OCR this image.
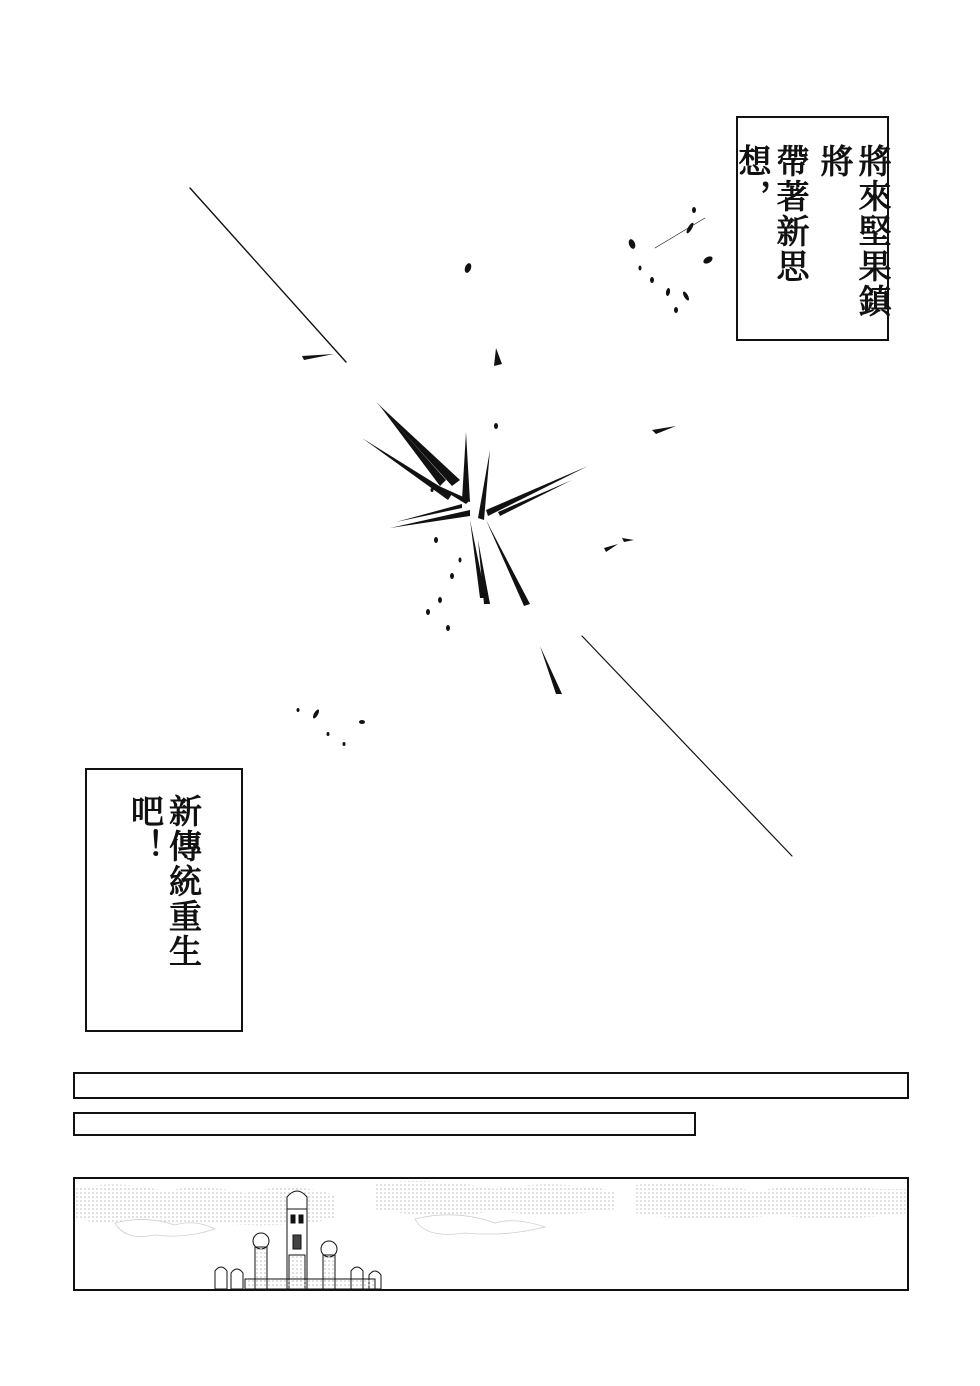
將來堅果鎮將
帶著新思想，
新傳統重生吧！
